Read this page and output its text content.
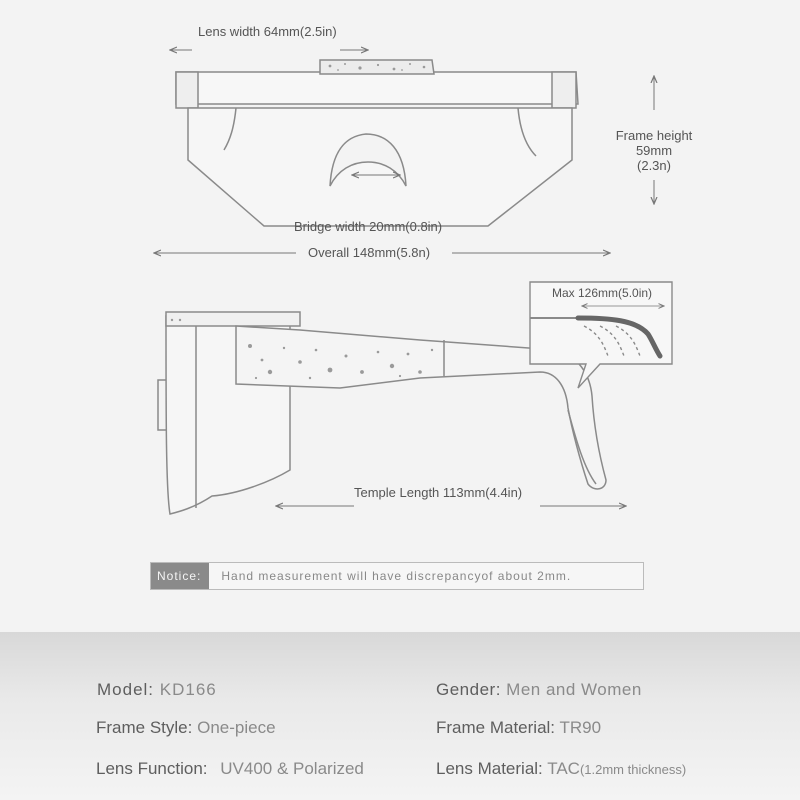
Lens width 64mm(2.5in)
Frame height
59mm
(2.3n)
Bridge width 20mm(0.8in)
Overall 148mm(5.8n)
Max 126mm(5.0in)
Temple Length 113mm(4.4in)
Notice:	Hand measurement will have discrepancyof about 2mm.
Model: KD166	Gender: Men and Women
Frame Style: One-piece	Frame Material: TR90
Lens Function: UV400 & Polarized	Lens Material: TAC(1.2mm thickness)
